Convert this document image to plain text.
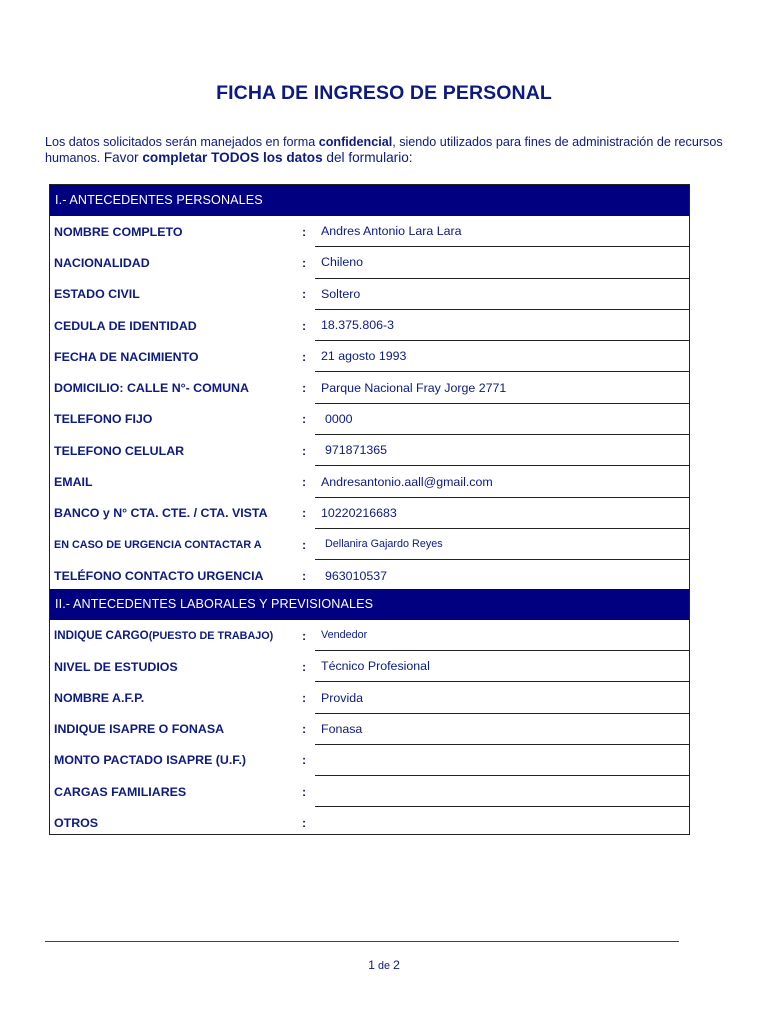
FICHA DE INGRESO DE PERSONAL
Los datos solicitados serán manejados en forma confidencial, siendo utilizados para fines de administración de recursos
humanos. Favor completar TODOS los datos del formulario:
I.- ANTECEDENTES PERSONALES
NOMBRE COMPLETO	: Andres Antonio Lara Lara
NACIONALIDAD	: Chileno
ESTADO CIVIL	: Soltero
CEDULA DE IDENTIDAD	: 18.375.806-3
FECHA DE NACIMIENTO	: 21 agosto 1993
DOMICILIO: CALLE N°- COMUNA	: Parque Nacional Fray Jorge 2771
TELEFONO FIJO	: 0000
TELEFONO CELULAR	: 971871365
EMAIL	: Andresantonio.aall@gmail.com
BANCO y N° CTA. CTE. / CTA. VISTA	: 10220216683
EN CASO DE URGENCIA CONTACTAR A	: Dellanira Gajardo Reyes
TELÉFONO CONTACTO URGENCIA	: 963010537
II.- ANTECEDENTES LABORALES Y PREVISIONALES
INDIQUE CARGO (PUESTO DE TRABAJO) : Vendedor
NIVEL DE ESTUDIOS	: Técnico Profesional
NOMBRE A.F.P.	: Provida
INDIQUE ISAPRE O FONASA	: Fonasa
MONTO PACTADO ISAPRE (U.F.)	:
CARGAS FAMILIARES	:
OTROS	:
1 de 2
